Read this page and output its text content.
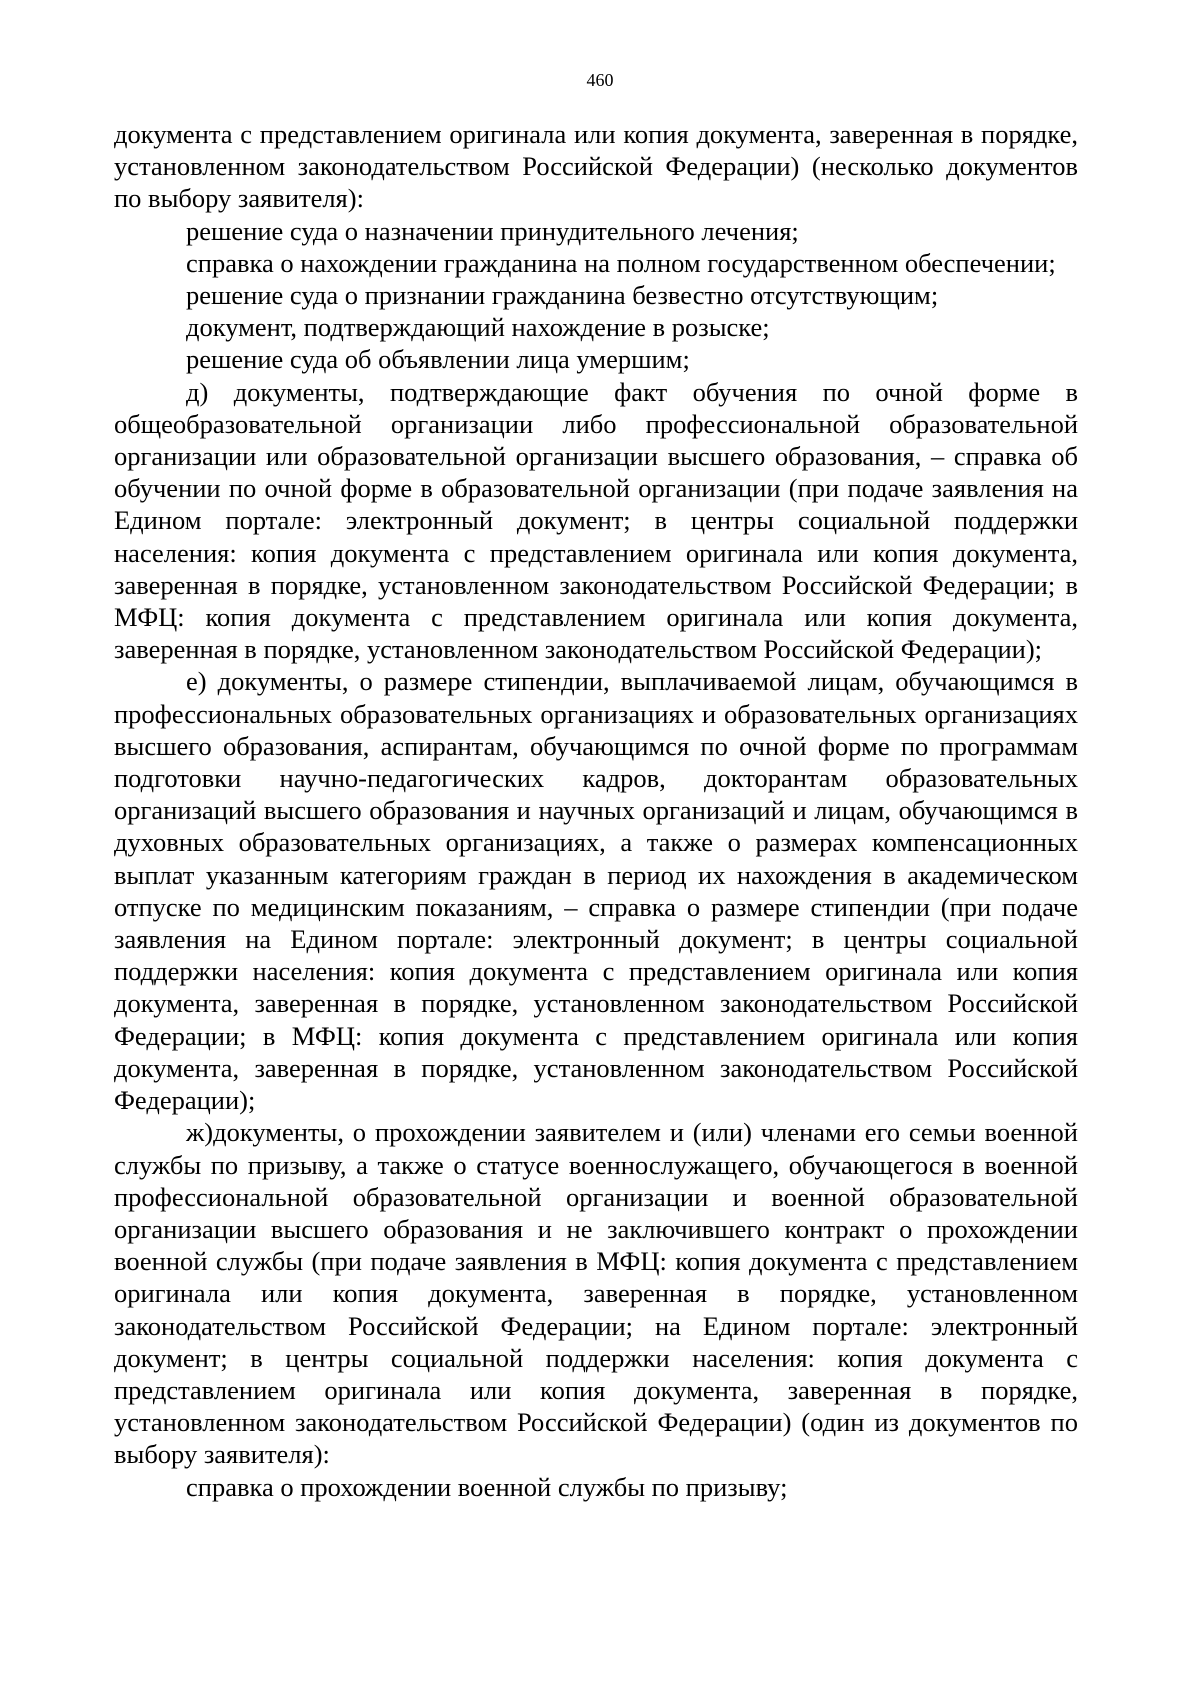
460

документа с представлением оригинала или копия документа, заверенная в порядке, установленном законодательством Российской Федерации) (несколько документов по выбору заявителя):

решение суда о назначении принудительного лечения;

справка о нахождении гражданина на полном государственном обеспечении;

решение суда о признании гражданина безвестно отсутствующим;

документ, подтверждающий нахождение в розыске;

решение суда об объявлении лица умершим;

д) документы, подтверждающие факт обучения по очной форме в общеобразовательной организации либо профессиональной образовательной организации или образовательной организации высшего образования, – справка об обучении по очной форме в образовательной организации (при подаче заявления на Едином портале: электронный документ; в центры социальной поддержки населения: копия документа с представлением оригинала или копия документа, заверенная в порядке, установленном законодательством Российской Федерации; в МФЦ: копия документа с представлением оригинала или копия документа, заверенная в порядке, установленном законодательством Российской Федерации);

е) документы, о размере стипендии, выплачиваемой лицам, обучающимся в профессиональных образовательных организациях и образовательных организациях высшего образования, аспирантам, обучающимся по очной форме по программам подготовки научно-педагогических кадров, докторантам образовательных организаций высшего образования и научных организаций и лицам, обучающимся в духовных образовательных организациях, а также о размерах компенсационных выплат указанным категориям граждан в период их нахождения в академическом отпуске по медицинским показаниям, – справка о размере стипендии (при подаче заявления на Едином портале: электронный документ; в центры социальной поддержки населения: копия документа с представлением оригинала или копия документа, заверенная в порядке, установленном законодательством Российской Федерации; в МФЦ: копия документа с представлением оригинала или копия документа, заверенная в порядке, установленном законодательством Российской Федерации);

ж)документы, о прохождении заявителем и (или) членами его семьи военной службы по призыву, а также о статусе военнослужащего, обучающегося в военной профессиональной образовательной организации и военной образовательной организации высшего образования и не заключившего контракт о прохождении военной службы (при подаче заявления в МФЦ: копия документа с представлением оригинала или копия документа, заверенная в порядке, установленном законодательством Российской Федерации; на Едином портале: электронный документ; в центры социальной поддержки населения: копия документа с представлением оригинала или копия документа, заверенная в порядке, установленном законодательством Российской Федерации) (один из документов по выбору заявителя):

справка о прохождении военной службы по призыву;
